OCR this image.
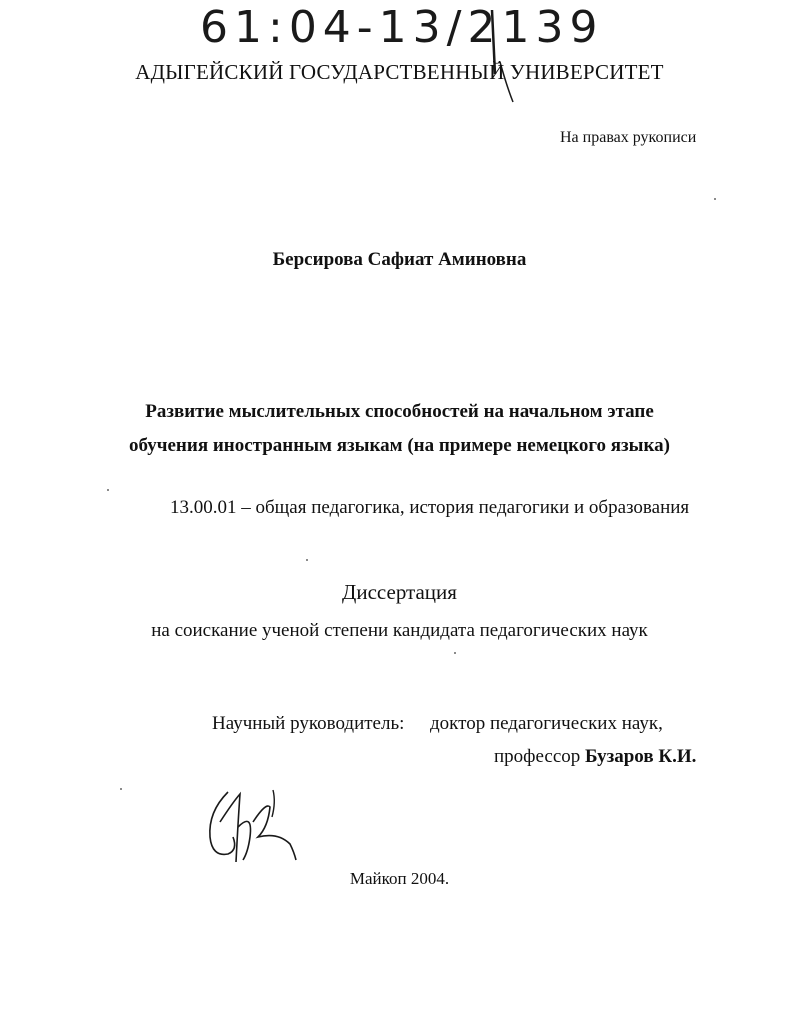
61:04-13/2139
АДЫГЕЙСКИЙ ГОСУДАРСТВЕННЫЙ УНИВЕРСИТЕТ
На правах рукописи
Берсирова Сафиат Аминовна
Развитие мыслительных способностей на начальном этапе
обучения иностранным языкам (на примере немецкого языка)
13.00.01 – общая педагогика, история педагогики и образования
Диссертация
на соискание ученой степени кандидата педагогических наук
Научный руководитель: доктор педагогических наук,
профессор Бузаров К.И.
Майкоп 2004.
